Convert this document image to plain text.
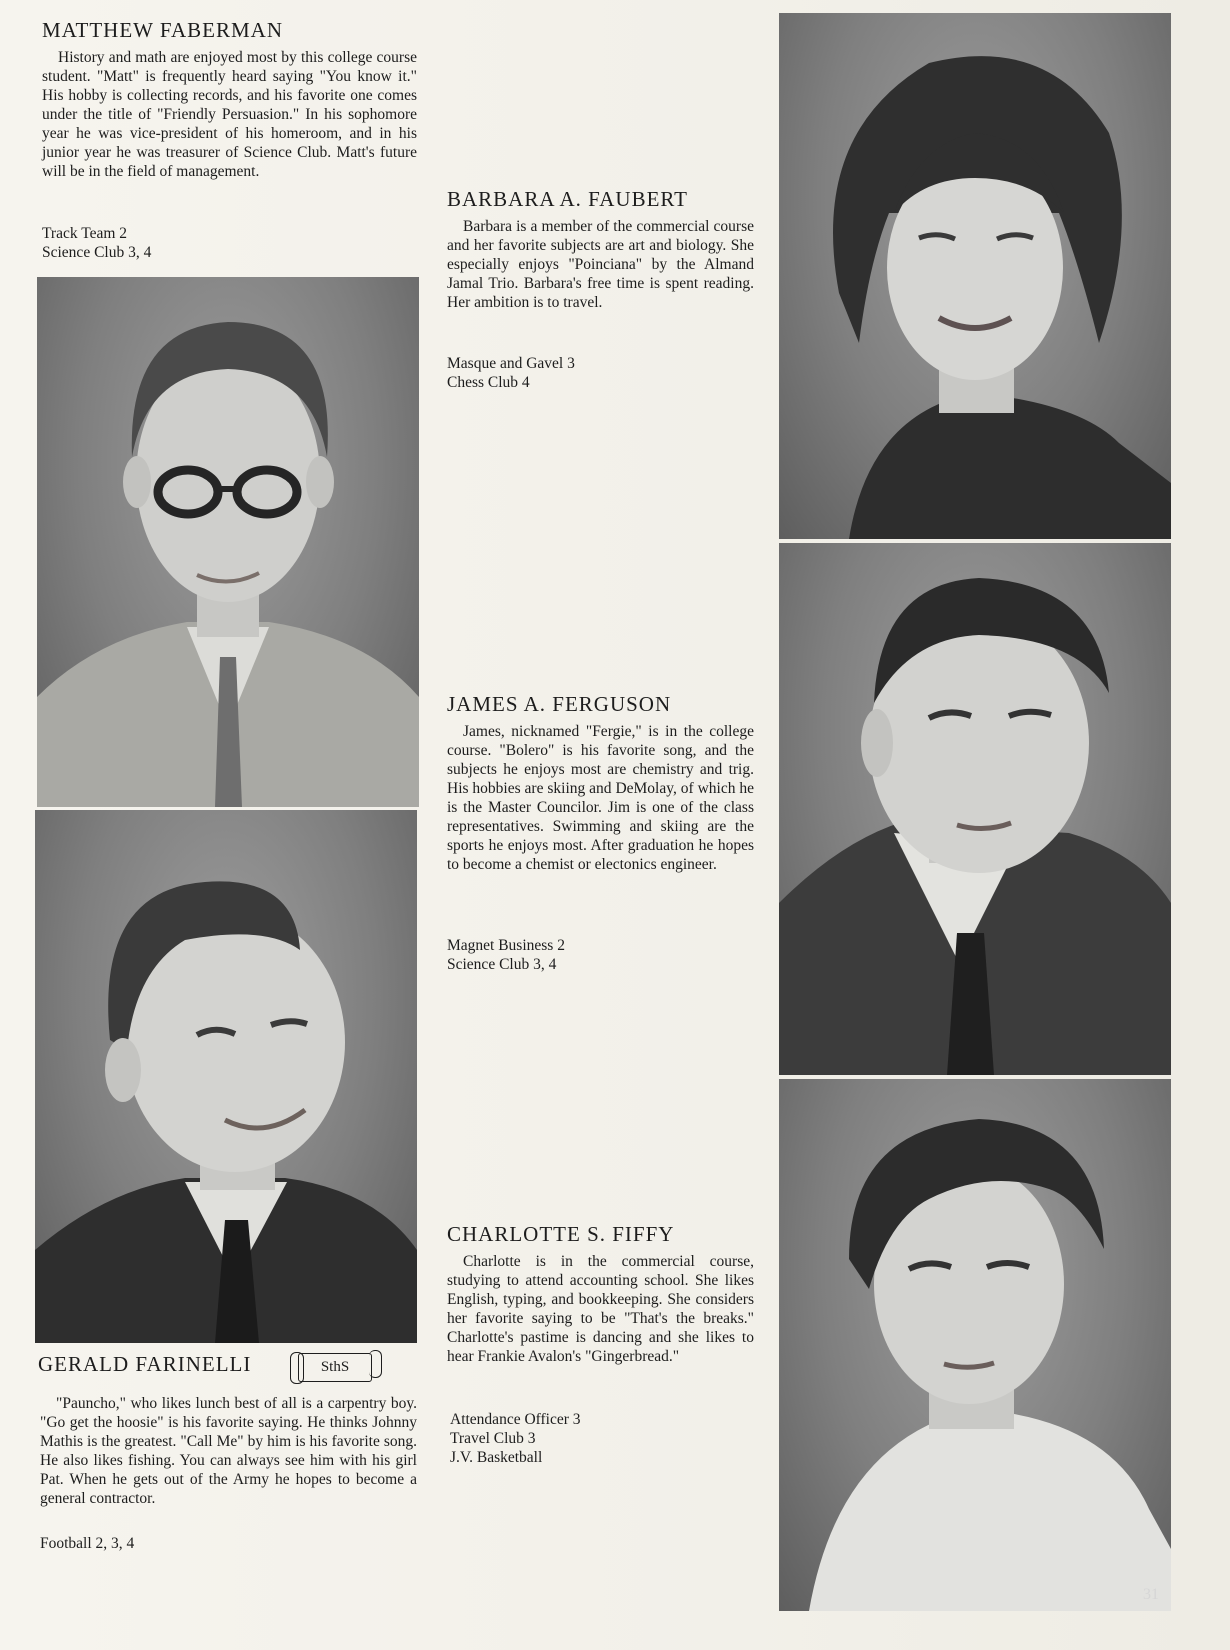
MATTHEW FABERMAN

History and math are enjoyed most by this college course student. "Matt" is frequently heard saying "You know it." His hobby is collecting records, and his favorite one comes under the title of "Friendly Persuasion." In his sophomore year he was vice-president of his homeroom, and in his junior year he was treasurer of Science Club. Matt's future will be in the field of management.

Track Team 2
Science Club 3, 4
GERALD FARINELLI	SthS

"Pauncho," who likes lunch best of all is a carpentry boy. "Go get the hoosie" is his favorite saying. He thinks Johnny Mathis is the greatest. "Call Me" by him is his favorite song. He also likes fishing. You can always see him with his girl Pat. When he gets out of the Army he hopes to become a general contractor.

Football 2, 3, 4
BARBARA A. FAUBERT

Barbara is a member of the commercial course and her favorite subjects are art and biology. She especially enjoys "Poinciana" by the Almand Jamal Trio. Barbara's free time is spent reading. Her ambition is to travel.

Masque and Gavel 3
Chess Club 4
JAMES A. FERGUSON

James, nicknamed "Fergie," is in the college course. "Bolero" is his favorite song, and the subjects he enjoys most are chemistry and trig. His hobbies are skiing and DeMolay, of which he is the Master Councilor. Jim is one of the class representatives. Swimming and skiing are the sports he enjoys most. After graduation he hopes to become a chemist or electonics engineer.

Magnet Business 2
Science Club 3, 4
CHARLOTTE S. FIFFY

Charlotte is in the commercial course, studying to attend accounting school. She likes English, typing, and bookkeeping. She considers her favorite saying to be "That's the breaks." Charlotte's pastime is dancing and she likes to hear Frankie Avalon's "Gingerbread."

Attendance Officer 3
Travel Club 3
J.V. Basketball
31
